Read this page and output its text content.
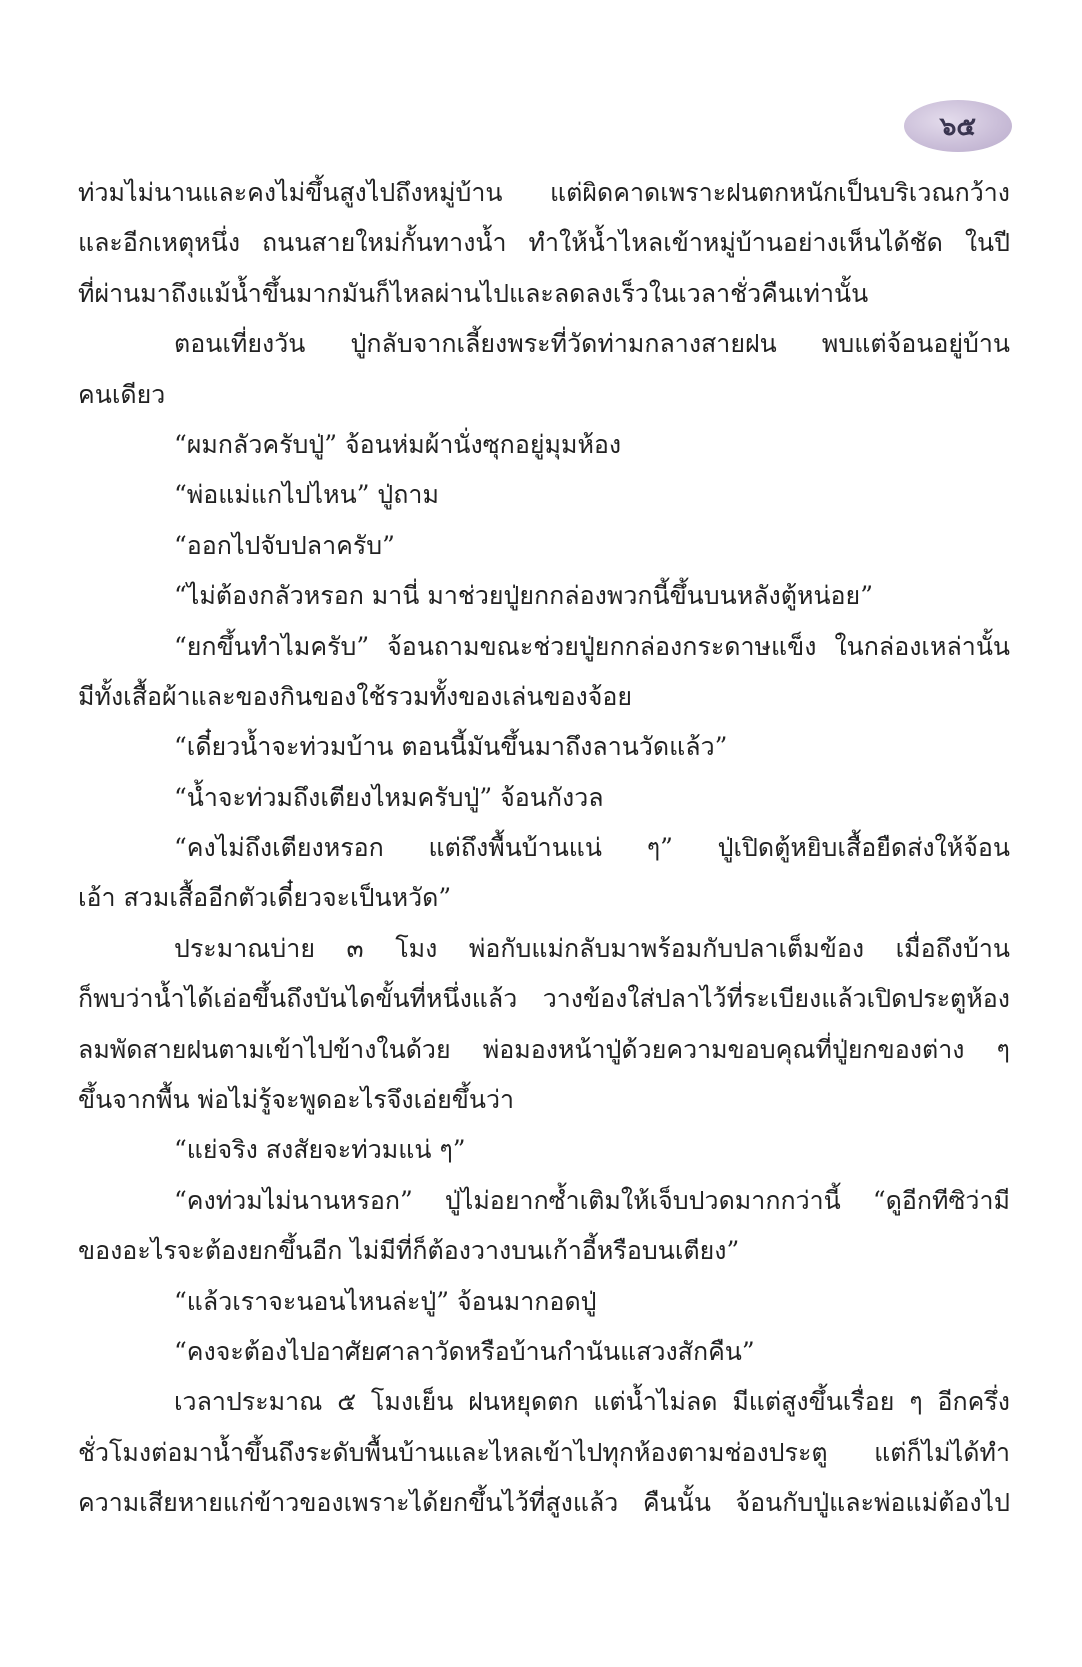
๖๕
ท่วมไม่นานและคงไม่ขึ้นสูงไปถึงหมู่บ้าน แต่ผิดคาดเพราะฝนตกหนักเป็นบริเวณกว้าง
และอีกเหตุหนึ่ง ถนนสายใหม่กั้นทางน้ำ ทำให้น้ำไหลเข้าหมู่บ้านอย่างเห็นได้ชัด ในปี
ที่ผ่านมาถึงแม้น้ำขึ้นมากมันก็ไหลผ่านไปและลดลงเร็วในเวลาชั่วคืนเท่านั้น
ตอนเที่ยงวัน ปู่กลับจากเลี้ยงพระที่วัดท่ามกลางสายฝน พบแต่จ้อนอยู่บ้าน
คนเดียว
“ผมกลัวครับปู่” จ้อนห่มผ้านั่งซุกอยู่มุมห้อง
“พ่อแม่แกไปไหน” ปู่ถาม
“ออกไปจับปลาครับ”
“ไม่ต้องกลัวหรอก มานี่ มาช่วยปู่ยกกล่องพวกนี้ขึ้นบนหลังตู้หน่อย”
“ยกขึ้นทำไมครับ” จ้อนถามขณะช่วยปู่ยกกล่องกระดาษแข็ง ในกล่องเหล่านั้น
มีทั้งเสื้อผ้าและของกินของใช้รวมทั้งของเล่นของจ้อย
“เดี๋ยวน้ำจะท่วมบ้าน ตอนนี้มันขึ้นมาถึงลานวัดแล้ว”
“น้ำจะท่วมถึงเตียงไหมครับปู่” จ้อนกังวล
“คงไม่ถึงเตียงหรอก แต่ถึงพื้นบ้านแน่ ๆ” ปู่เปิดตู้หยิบเสื้อยืดส่งให้จ้อน
เอ้า สวมเสื้ออีกตัวเดี๋ยวจะเป็นหวัด”
ประมาณบ่าย ๓ โมง พ่อกับแม่กลับมาพร้อมกับปลาเต็มข้อง เมื่อถึงบ้าน
ก็พบว่าน้ำได้เอ่อขึ้นถึงบันไดขั้นที่หนึ่งแล้ว วางข้องใส่ปลาไว้ที่ระเบียงแล้วเปิดประตูห้อง
ลมพัดสายฝนตามเข้าไปข้างในด้วย พ่อมองหน้าปู่ด้วยความขอบคุณที่ปู่ยกของต่าง ๆ
ขึ้นจากพื้น พ่อไม่รู้จะพูดอะไรจึงเอ่ยขึ้นว่า
“แย่จริง สงสัยจะท่วมแน่ ๆ”
“คงท่วมไม่นานหรอก” ปู่ไม่อยากซ้ำเติมให้เจ็บปวดมากกว่านี้ “ดูอีกทีซิว่ามี
ของอะไรจะต้องยกขึ้นอีก ไม่มีที่ก็ต้องวางบนเก้าอี้หรือบนเตียง”
“แล้วเราจะนอนไหนล่ะปู่” จ้อนมากอดปู่
“คงจะต้องไปอาศัยศาลาวัดหรือบ้านกำนันแสวงสักคืน”
เวลาประมาณ ๕ โมงเย็น ฝนหยุดตก แต่น้ำไม่ลด มีแต่สูงขึ้นเรื่อย ๆ อีกครึ่ง
ชั่วโมงต่อมาน้ำขึ้นถึงระดับพื้นบ้านและไหลเข้าไปทุกห้องตามช่องประตู แต่ก็ไม่ได้ทำ
ความเสียหายแก่ข้าวของเพราะได้ยกขึ้นไว้ที่สูงแล้ว คืนนั้น จ้อนกับปู่และพ่อแม่ต้องไป
